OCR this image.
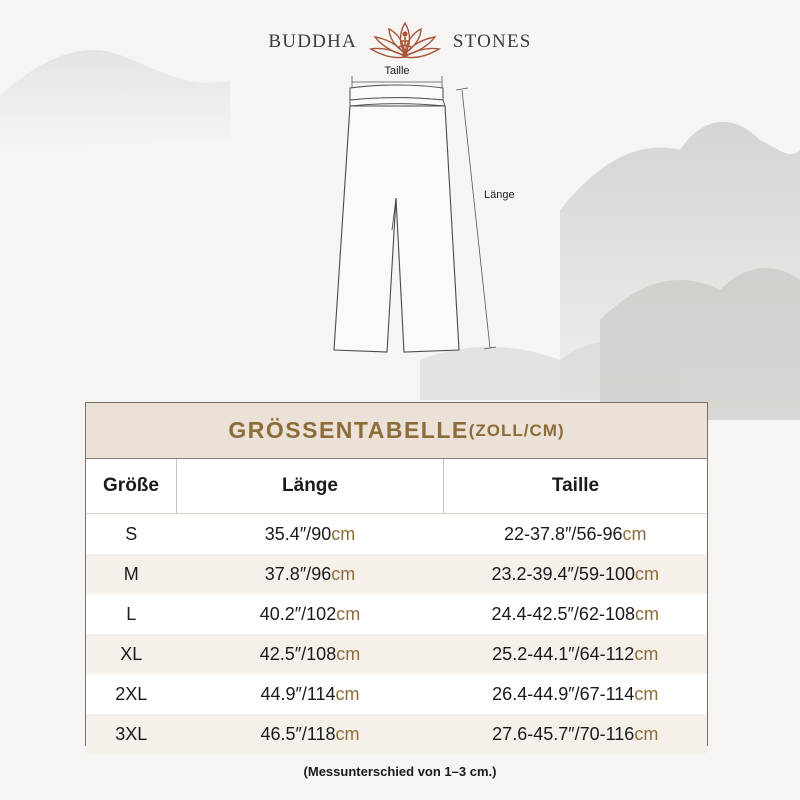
BUDDHA	STONES
Taille
Länge
GRÖSSENTABELLE (ZOLL/CM)
Größe	Länge	Taille
S	35.4″/90cm	22-37.8″/56-96cm
M	37.8″/96cm	23.2-39.4″/59-100cm
L	40.2″/102cm	24.4-42.5″/62-108cm
XL	42.5″/108cm	25.2-44.1″/64-112cm
2XL	44.9″/114cm	26.4-44.9″/67-114cm
3XL	46.5″/118cm	27.6-45.7″/70-116cm
(Messunterschied von 1–3 cm.)
